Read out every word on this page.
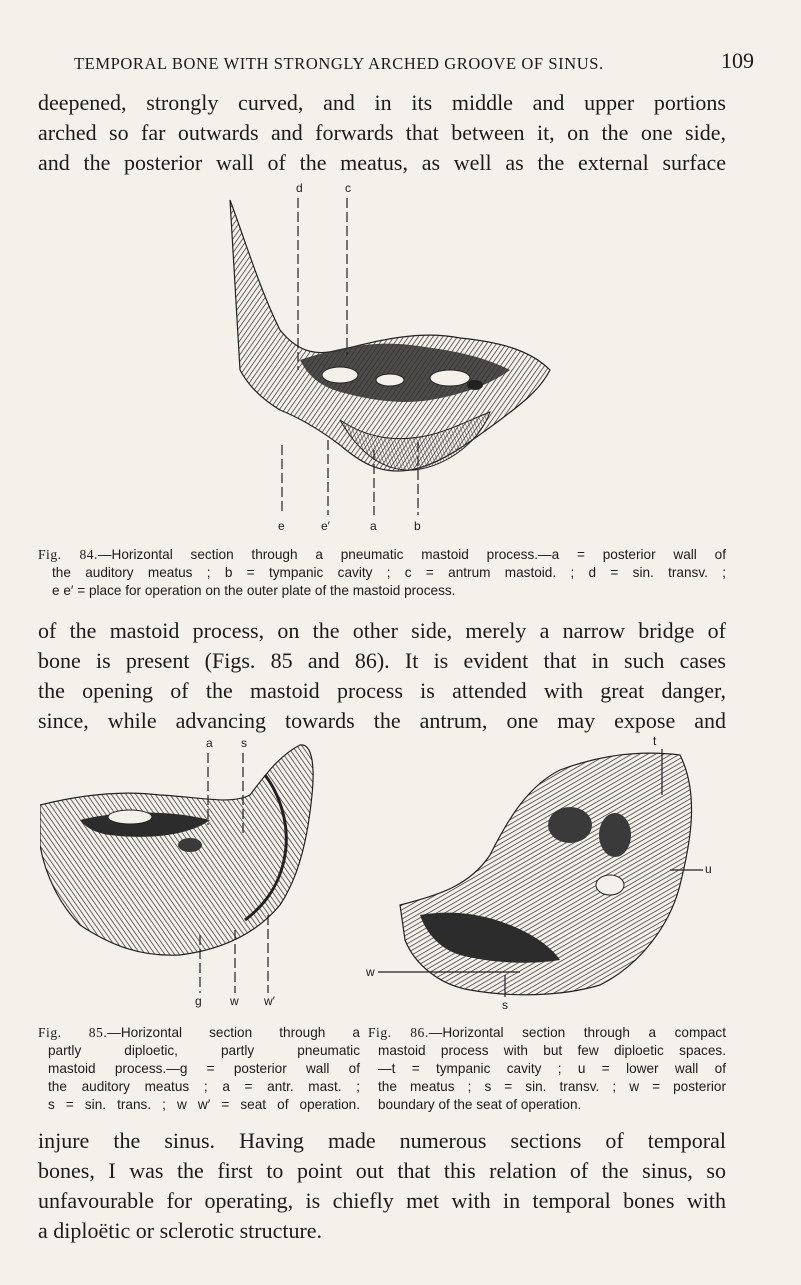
TEMPORAL BONE WITH STRONGLY ARCHED GROOVE OF SINUS.	109

deepened, strongly curved, and in its middle and upper portions

arched so far outwards and forwards that between it, on the one side,

and the posterior wall of the meatus, as well as the external surface

d	c
e	e′	a	b
Fig. 84.—Horizontal section through a pneumatic mastoid process.—a = posterior wall of
the auditory meatus ; b = tympanic cavity ; c = antrum mastoid. ; d = sin. transv. ;
e e′ = place for operation on the outer plate of the mastoid process.

of the mastoid process, on the other side, merely a narrow bridge of

bone is present (Figs. 85 and 86). It is evident that in such cases

the opening of the mastoid process is attended with great danger,

since, while advancing towards the antrum, one may expose and

a s
g w w′
t
u
w
s
Fig. 85.—Horizontal section through a
partly diploetic, partly pneumatic
mastoid process.—g = posterior wall of
the auditory meatus ; a = antr. mast. ;
s = sin. trans. ; w w′ = seat of operation.
Fig. 86.—Horizontal section through a compact
mastoid process with but few diploetic spaces.
—t = tympanic cavity ; u = lower wall of
the meatus ; s = sin. transv. ; w = posterior
boundary of the seat of operation.

injure the sinus. Having made numerous sections of temporal

bones, I was the first to point out that this relation of the sinus, so

unfavourable for operating, is chiefly met with in temporal bones with

a diploëtic or sclerotic structure.
